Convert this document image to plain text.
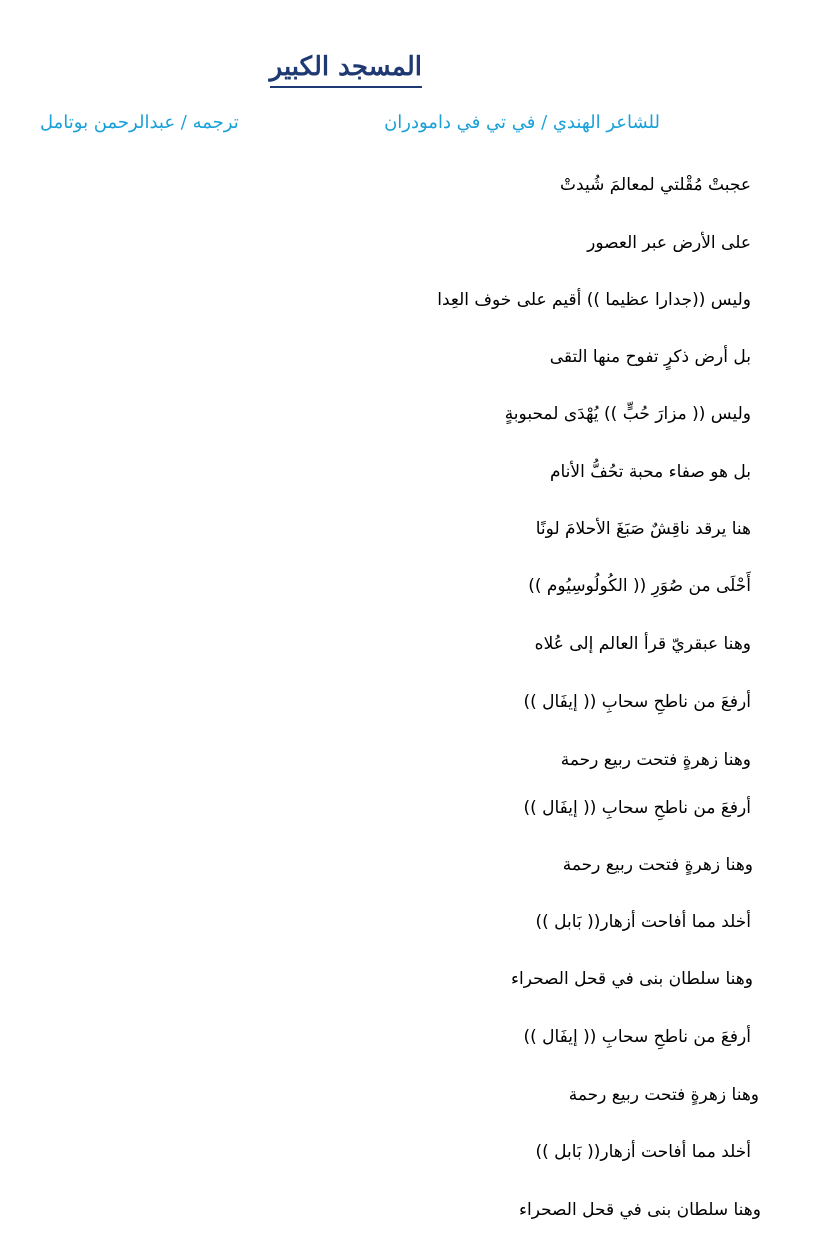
المسجد الكبير
للشاعر الهندي / في تي في دامودران
ترجمه / عبدالرحمن بوتامل
عجبتْ مُقْلتي لمعالمَ شُيدتْ
على الأرض عبر العصور
وليس ((جدارا عظيما )) أقيم على خوف العِدا
بل أرض ذكرٍ تفوح منها التقى
وليس (( مزارَ حُبٍّ )) يُهْدَى لمحبوبةٍ
بل هو صفاء محبة تحُفُّ الأنام
هنا يرقد ناقِشٌ صَبَغَ الأحلامَ لونًا
أَحْلَى من صُوَرِ (( الكُولُوسِيُوم ))
وهنا عبقريّ قرأ العالم إلى عُلاه
أرفعَ من ناطحِ سحابِ (( إيفَال ))
وهنا زهرةٍ فتحت ربيع رحمة
أرفعَ من ناطحِ سحابِ (( إيفَال ))
وهنا زهرةٍ فتحت ربيع رحمة
أخلد مما أفاحت أزهار(( بَابل ))
وهنا سلطان بنى في قحل الصحراء
أرفعَ من ناطحِ سحابِ (( إيفَال ))
وهنا زهرةٍ فتحت ربيع رحمة
أخلد مما أفاحت أزهار(( بَابل ))
وهنا سلطان بنى في قحل الصحراء
